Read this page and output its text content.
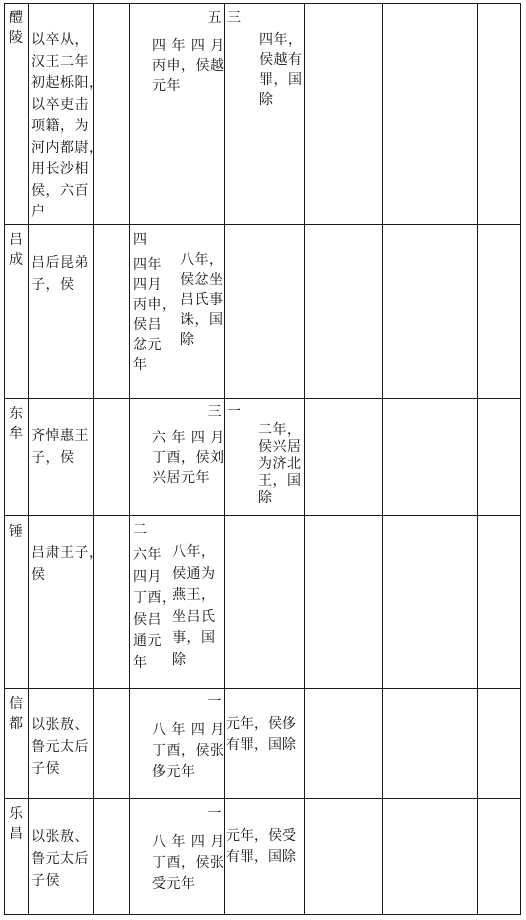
醴
陵 以卒从，
汉王二年
初起栎阳，
以卒吏击
项籍，为
河内都尉，
用长沙相
侯，六百
户
五
四 年 四 月
丙申，侯越
元年
三
四年，
侯越有
罪，国
除
吕
成 吕后昆弟
子，侯
四
四年
四月
丙申，
侯吕
忿元
年
八年，
侯忿坐
吕氏事
诛，国
除
东
牟 齐悼惠王
子，侯
三
六 年 四 月
丁酉，侯刘
兴居元年
一
二年，
侯兴居
为济北
王，国
除
锤
吕肃王子，
侯
二
六年
四月
丁酉，
侯吕
通元
年
八年，
侯通为
燕王，
坐吕氏
事，国
除
信
都 以张敖、
鲁元太后
子侯
一
八 年 四 月
丁酉，侯张
侈元年
元年，侯侈
有罪，国除
乐
昌 以张敖、
鲁元太后
子侯
一
八 年 四 月
丁酉，侯张
受元年
元年，侯受
有罪，国除
